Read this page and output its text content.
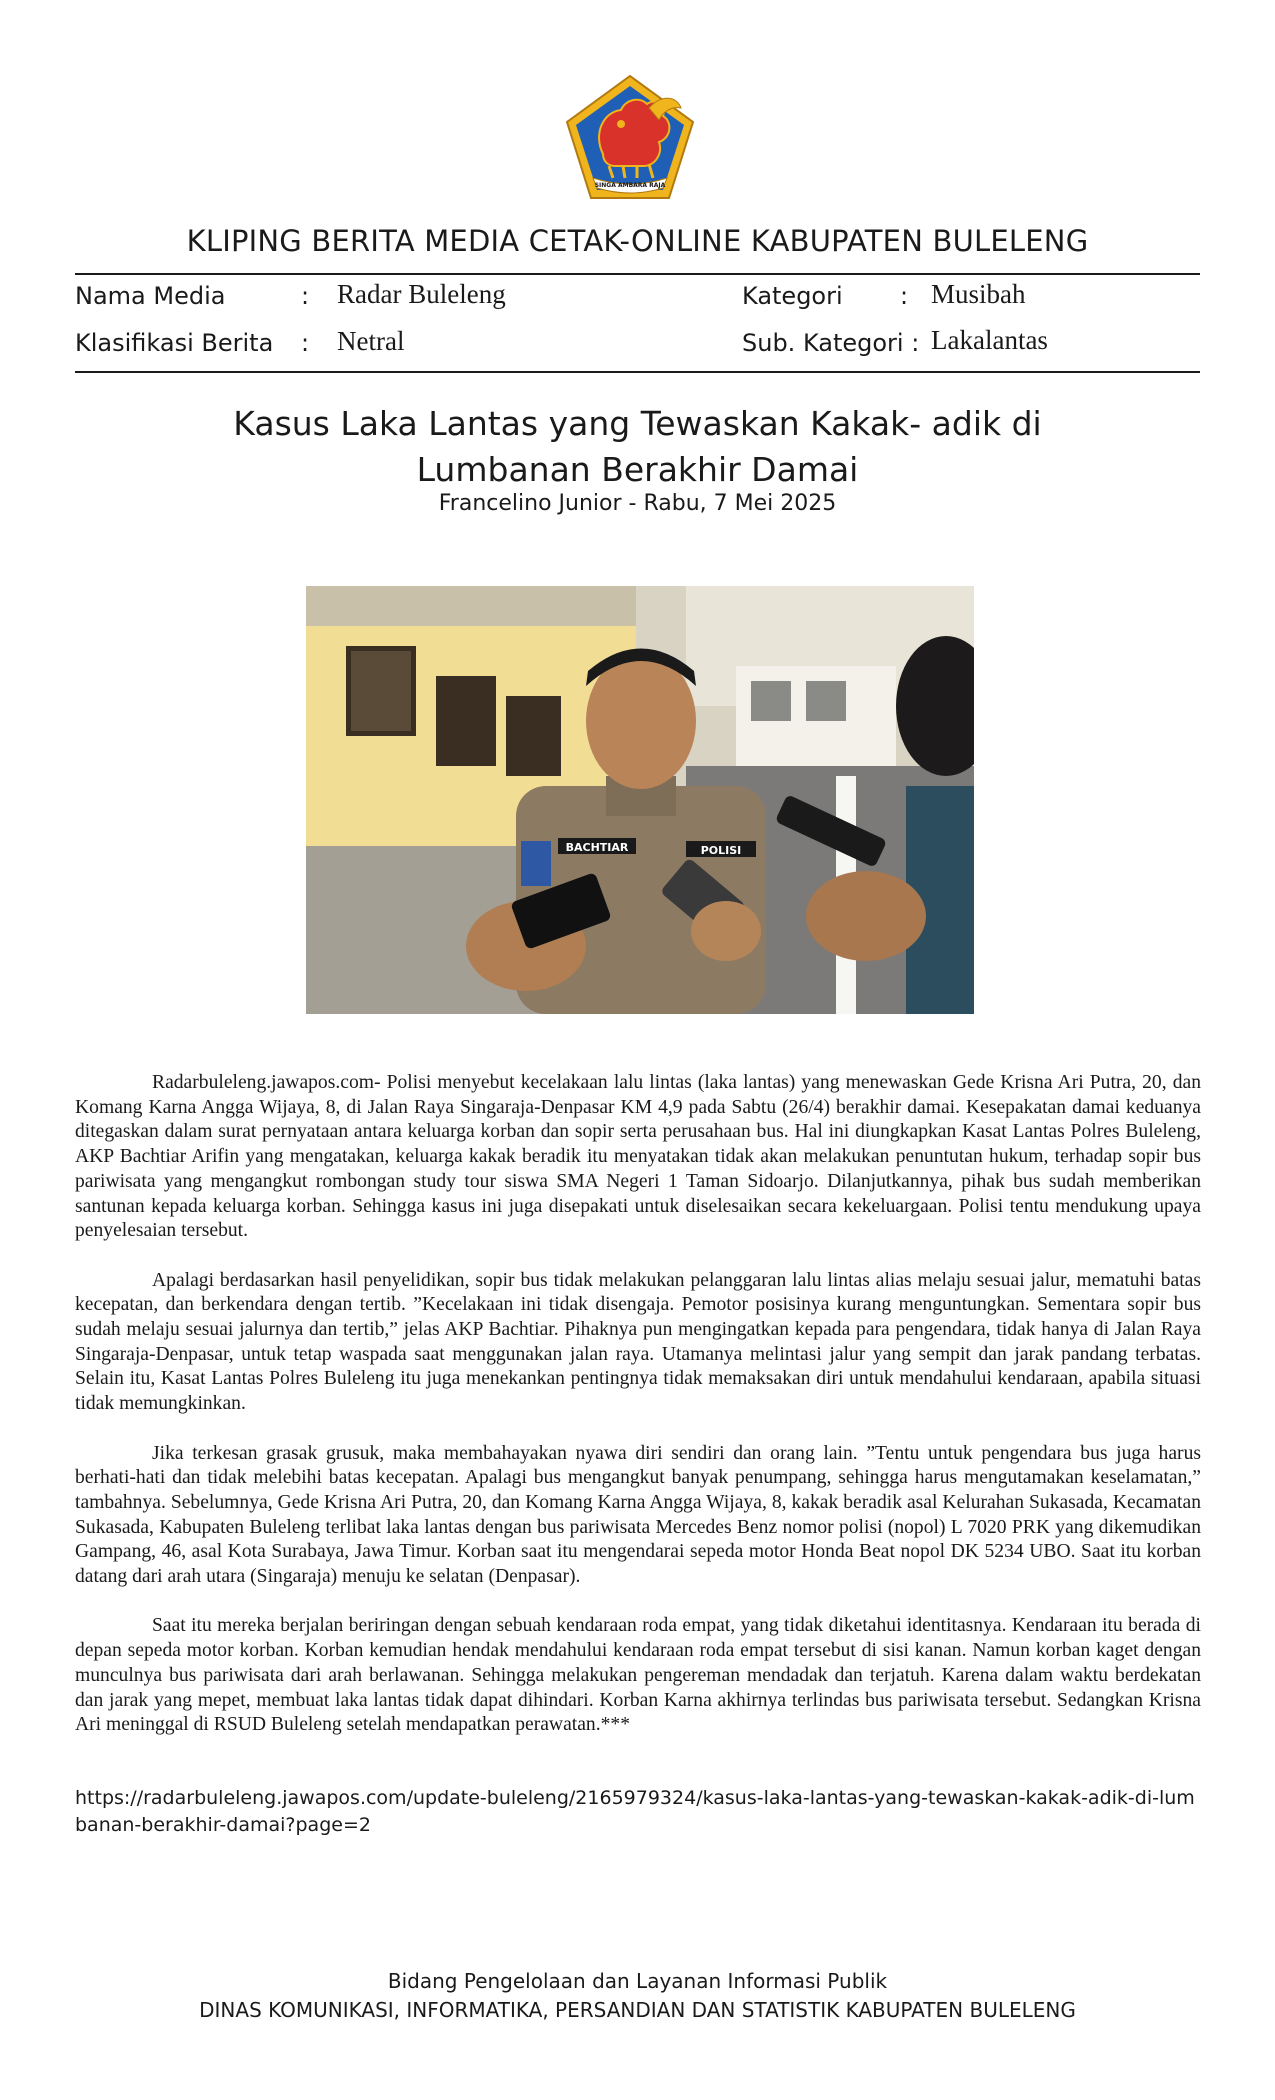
SINGA AMBARA RAJA
KLIPING BERITA MEDIA CETAK-ONLINE KABUPATEN BULELENG
Nama Media	: Radar Buleleng	Kategori : Musibah
Klasifikasi Berita : Netral	Sub. Kategori : Lakalantas
Kasus Laka Lantas yang Tewaskan Kakak- adik di Lumbanan Berakhir Damai
Francelino Junior - Rabu, 7 Mei 2025
POLISI
BACHTIAR

Radarbuleleng.jawapos.com- Polisi menyebut kecelakaan lalu lintas (laka lantas) yang menewaskan Gede Krisna Ari Putra, 20, dan Komang Karna Angga Wijaya, 8, di Jalan Raya Singaraja-Denpasar KM 4,9 pada Sabtu (26/4) berakhir damai. Kesepakatan damai keduanya ditegaskan dalam surat pernyataan antara keluarga korban dan sopir serta perusahaan bus. Hal ini diungkapkan Kasat Lantas Polres Buleleng, AKP Bachtiar Arifin yang mengatakan, keluarga kakak beradik itu menyatakan tidak akan melakukan penuntutan hukum, terhadap sopir bus pariwisata yang mengangkut rombongan study tour siswa SMA Negeri 1 Taman Sidoarjo. Dilanjutkannya, pihak bus sudah memberikan santunan kepada keluarga korban. Sehingga kasus ini juga disepakati untuk diselesaikan secara kekeluargaan. Polisi tentu mendukung upaya penyelesaian tersebut.

Apalagi berdasarkan hasil penyelidikan, sopir bus tidak melakukan pelanggaran lalu lintas alias melaju sesuai jalur, mematuhi batas kecepatan, dan berkendara dengan tertib. ”Kecelakaan ini tidak disengaja. Pemotor posisinya kurang menguntungkan. Sementara sopir bus sudah melaju sesuai jalurnya dan tertib,” jelas AKP Bachtiar. Pihaknya pun mengingatkan kepada para pengendara, tidak hanya di Jalan Raya Singaraja-Denpasar, untuk tetap waspada saat menggunakan jalan raya. Utamanya melintasi jalur yang sempit dan jarak pandang terbatas. Selain itu, Kasat Lantas Polres Buleleng itu juga menekankan pentingnya tidak memaksakan diri untuk mendahului kendaraan, apabila situasi tidak memungkinkan.

Jika terkesan grasak grusuk, maka membahayakan nyawa diri sendiri dan orang lain. ”Tentu untuk pengendara bus juga harus berhati-hati dan tidak melebihi batas kecepatan. Apalagi bus mengangkut banyak penumpang, sehingga harus mengutamakan keselamatan,” tambahnya. Sebelumnya, Gede Krisna Ari Putra, 20, dan Komang Karna Angga Wijaya, 8, kakak beradik asal Kelurahan Sukasada, Kecamatan Sukasada, Kabupaten Buleleng terlibat laka lantas dengan bus pariwisata Mercedes Benz nomor polisi (nopol) L 7020 PRK yang dikemudikan Gampang, 46, asal Kota Surabaya, Jawa Timur. Korban saat itu mengendarai sepeda motor Honda Beat nopol DK 5234 UBO. Saat itu korban datang dari arah utara (Singaraja) menuju ke selatan (Denpasar).

Saat itu mereka berjalan beriringan dengan sebuah kendaraan roda empat, yang tidak diketahui identitasnya. Kendaraan itu berada di depan sepeda motor korban. Korban kemudian hendak mendahului kendaraan roda empat tersebut di sisi kanan. Namun korban kaget dengan munculnya bus pariwisata dari arah berlawanan. Sehingga melakukan pengereman mendadak dan terjatuh. Karena dalam waktu berdekatan dan jarak yang mepet, membuat laka lantas tidak dapat dihindari. Korban Karna akhirnya terlindas bus pariwisata tersebut. Sedangkan Krisna Ari meninggal di RSUD Buleleng setelah mendapatkan perawatan.***

https://radarbuleleng.jawapos.com/update-buleleng/2165979324/kasus-laka-lantas-yang-tewaskan-kakak-adik-di-lumbanan-berakhir-damai?page=2
Bidang Pengelolaan dan Layanan Informasi Publik
DINAS KOMUNIKASI, INFORMATIKA, PERSANDIAN DAN STATISTIK KABUPATEN BULELENG
